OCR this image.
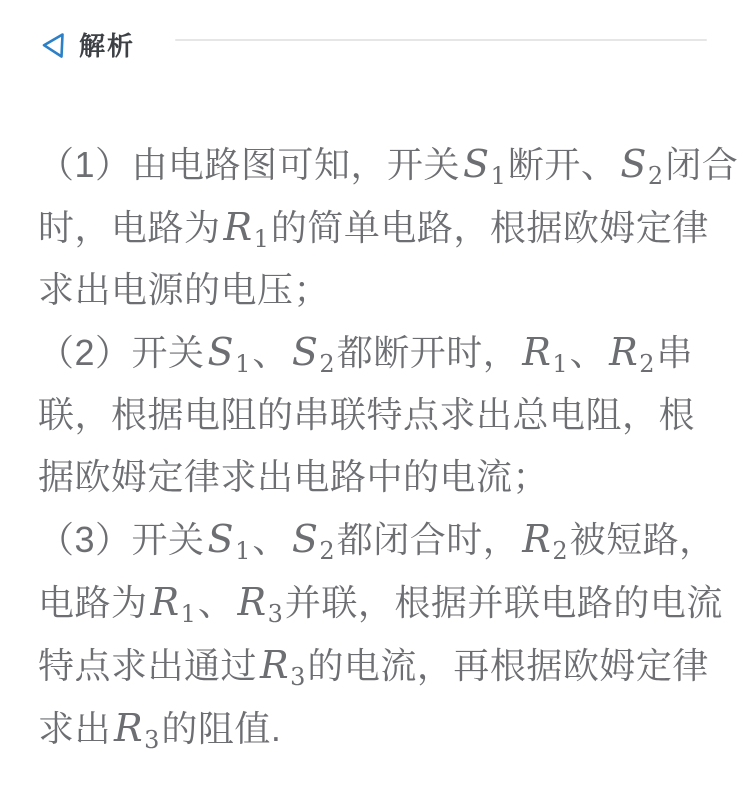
解析

（1）由电路图可知，开关$S_1$断开、$S_2$闭合
时，电路为$R_1$的简单电路，根据欧姆定律
求出电源的电压；

（2）开关$S_1$、$S_2$都断开时，$R_1$、$R_2$串
联，根据电阻的串联特点求出总电阻，根
据欧姆定律求出电路中的电流；

（3）开关$S_1$、$S_2$都闭合时，$R_2$被短路，
电路为$R_1$、$R_3$并联，根据并联电路的电流
特点求出通过$R_3$的电流，再根据欧姆定律
求出$R_3$的阻值.
